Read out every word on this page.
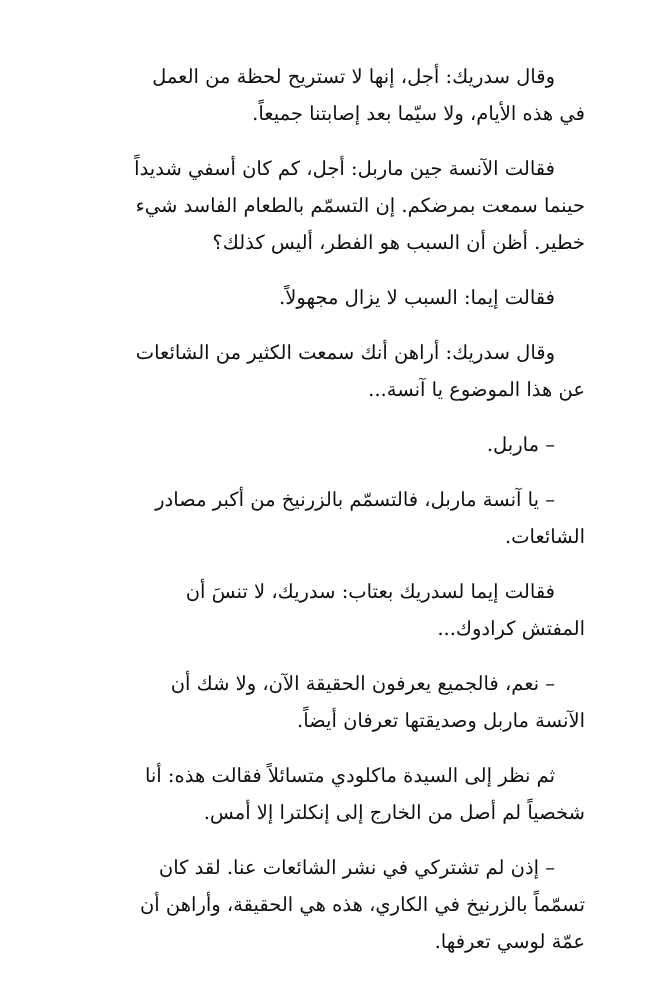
وقال سدريك: أجل، إنها لا تستريح لحظة من العمل
في هذه الأيام، ولا سيّما بعد إصابتنا جميعاً.

فقالت الآنسة جين ماربل: أجل، كم كان أسفي شديداً
حينما سمعت بمرضكم. إن التسمّم بالطعام الفاسد شيء
خطير. أظن أن السبب هو الفطر، أليس كذلك؟

فقالت إيما: السبب لا يزال مجهولاً.

وقال سدريك: أراهن أنك سمعت الكثير من الشائعات
عن هذا الموضوع يا آنسة...

– ماربل.

– يا آنسة ماربل، فالتسمّم بالزرنيخ من أكبر مصادر
الشائعات.

فقالت إيما لسدريك بعتاب: سدريك، لا تنسَ أن
المفتش كرادوك...

– نعم، فالجميع يعرفون الحقيقة الآن، ولا شك أن
الآنسة ماربل وصديقتها تعرفان أيضاً.

ثم نظر إلى السيدة ماكلودي متسائلاً فقالت هذه: أنا
شخصياً لم أصل من الخارج إلى إنكلترا إلا أمس.

– إذن لم تشتركي في نشر الشائعات عنا. لقد كان
تسمّماً بالزرنيخ في الكاري، هذه هي الحقيقة، وأراهن أن
عمّة لوسي تعرفها.
